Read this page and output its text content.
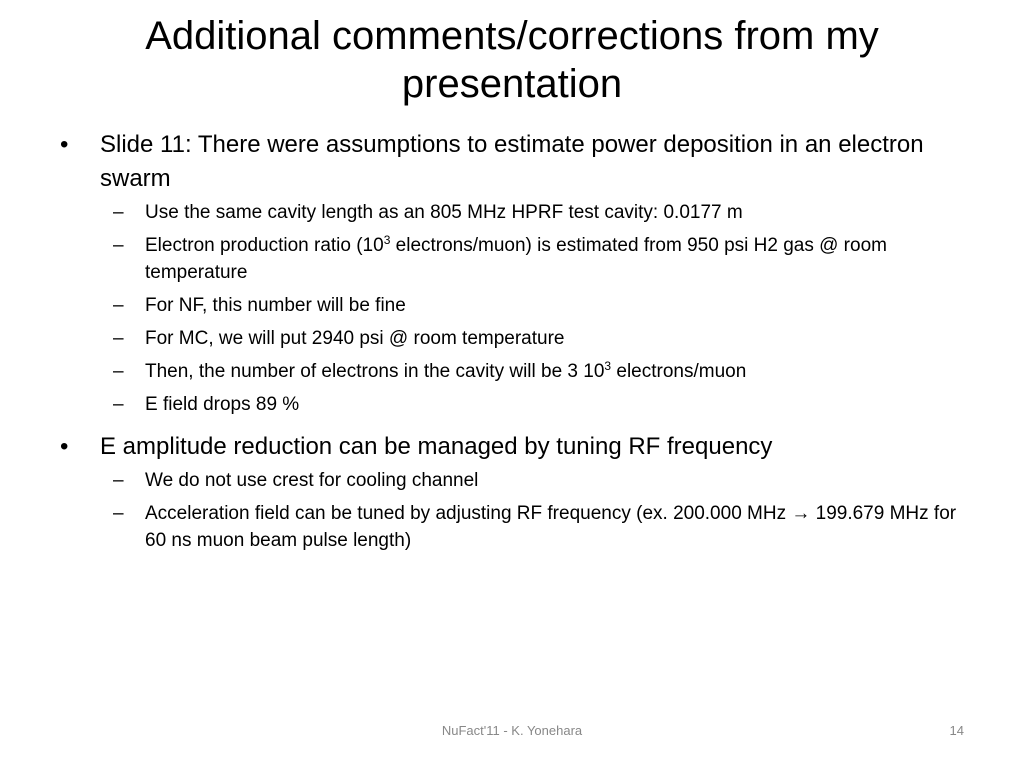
Additional comments/corrections from my presentation
• Slide 11: There were assumptions to estimate power deposition in an electron swarm
– Use the same cavity length as an 805 MHz HPRF test cavity: 0.0177 m
– Electron production ratio ($10^3$ electrons/muon) is estimated from 950 psi H2 gas @ room temperature
– For NF, this number will be fine
– For MC, we will put 2940 psi @ room temperature
– Then, the number of electrons in the cavity will be 3 $10^3$ electrons/muon
– E field drops 89 %
• E amplitude reduction can be managed by tuning RF frequency
– We do not use crest for cooling channel
– Acceleration field can be tuned by adjusting RF frequency (ex. 200.000 MHz → 199.679 MHz for 60 ns muon beam pulse length)
NuFact'11 - K. Yonehara	14
